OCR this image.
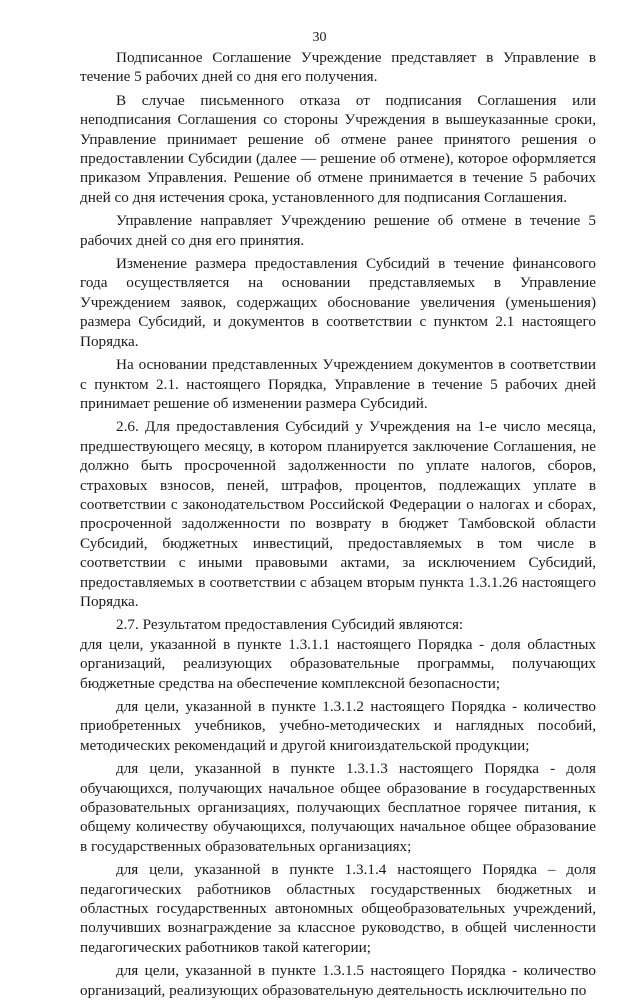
30

Подписанное Соглашение Учреждение представляет в Управление в течение 5 рабочих дней со дня его получения.

В случае письменного отказа от подписания Соглашения или неподписания Соглашения со стороны Учреждения в вышеуказанные сроки, Управление принимает решение об отмене ранее принятого решения о предоставлении Субсидии (далее — решение об отмене), которое оформляется приказом Управления. Решение об отмене принимается в течение 5 рабочих дней со дня истечения срока, установленного для подписания Соглашения.

Управление направляет Учреждению решение об отмене в течение 5 рабочих дней со дня его принятия.

Изменение размера предоставления Субсидий в течение финансового года осуществляется на основании представляемых в Управление Учреждением заявок, содержащих обоснование увеличения (уменьшения) размера Субсидий, и документов в соответствии с пунктом 2.1 настоящего Порядка.

На основании представленных Учреждением документов в соответствии с пунктом 2.1. настоящего Порядка, Управление в течение 5 рабочих дней принимает решение об изменении размера Субсидий.

2.6. Для предоставления Субсидий у Учреждения на 1-е число месяца, предшествующего месяцу, в котором планируется заключение Соглашения, не должно быть просроченной задолженности по уплате налогов, сборов, страховых взносов, пеней, штрафов, процентов, подлежащих уплате в соответствии с законодательством Российской Федерации о налогах и сборах, просроченной задолженности по возврату в бюджет Тамбовской области Субсидий, бюджетных инвестиций, предоставляемых в том числе в соответствии с иными правовыми актами, за исключением Субсидий, предоставляемых в соответствии с абзацем вторым пункта 1.3.1.26 настоящего Порядка.

2.7. Результатом предоставления Субсидий являются:

для цели, указанной в пункте 1.3.1.1 настоящего Порядка - доля областных организаций, реализующих образовательные программы, получающих бюджетные средства на обеспечение комплексной безопасности;

для цели, указанной в пункте 1.3.1.2 настоящего Порядка - количество приобретенных учебников, учебно-методических и наглядных пособий, методических рекомендаций и другой книгоиздательской продукции;

для цели, указанной в пункте 1.3.1.3 настоящего Порядка - доля обучающихся, получающих начальное общее образование в государственных образовательных организациях, получающих бесплатное горячее питания, к общему количеству обучающихся, получающих начальное общее образование в государственных образовательных организациях;

для цели, указанной в пункте 1.3.1.4 настоящего Порядка – доля педагогических работников областных государственных бюджетных и областных государственных автономных общеобразовательных учреждений, получивших вознаграждение за классное руководство, в общей численности педагогических работников такой категории;

для цели, указанной в пункте 1.3.1.5 настоящего Порядка - количество организаций, реализующих образовательную деятельность исключительно по
